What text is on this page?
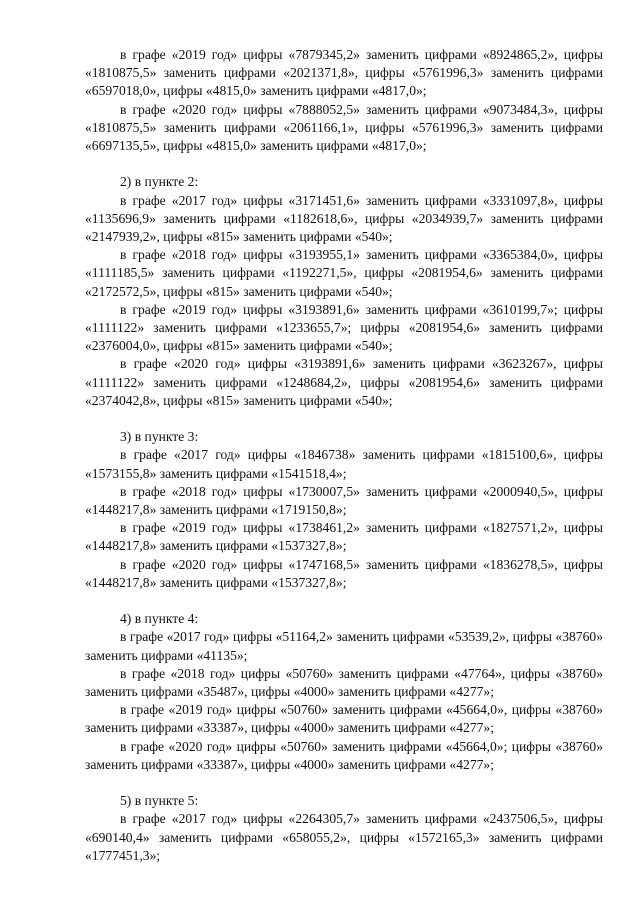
в графе «2019 год» цифры «7879345,2» заменить цифрами «8924865,2», цифры «1810875,5» заменить цифрами «2021371,8», цифры «5761996,3» заменить цифрами «6597018,0», цифры «4815,0» заменить цифрами «4817,0»;

в графе «2020 год» цифры «7888052,5» заменить цифрами «9073484,3», цифры «1810875,5» заменить цифрами «2061166,1», цифры «5761996,3» заменить цифрами «6697135,5», цифры «4815,0» заменить цифрами «4817,0»;

2) в пункте 2:

в графе «2017 год» цифры «3171451,6» заменить цифрами «3331097,8», цифры «1135696,9» заменить цифрами «1182618,6», цифры «2034939,7» заменить цифрами «2147939,2», цифры «815» заменить цифрами «540»;

в графе «2018 год» цифры «3193955,1» заменить цифрами «3365384,0», цифры «1111185,5» заменить цифрами «1192271,5», цифры «2081954,6» заменить цифрами «2172572,5», цифры «815» заменить цифрами «540»;

в графе «2019 год» цифры «3193891,6» заменить цифрами «3610199,7»; цифры «1111122» заменить цифрами «1233655,7»; цифры «2081954,6» заменить цифрами «2376004,0», цифры «815» заменить цифрами «540»;

в графе «2020 год» цифры «3193891,6» заменить цифрами «3623267», цифры «1111122» заменить цифрами «1248684,2», цифры «2081954,6» заменить цифрами «2374042,8», цифры «815» заменить цифрами «540»;

3) в пункте 3:

в графе «2017 год» цифры «1846738» заменить цифрами «1815100,6», цифры «1573155,8» заменить цифрами «1541518,4»;

в графе «2018 год» цифры «1730007,5» заменить цифрами «2000940,5», цифры «1448217,8» заменить цифрами «1719150,8»;

в графе «2019 год» цифры «1738461,2» заменить цифрами «1827571,2», цифры «1448217,8» заменить цифрами «1537327,8»;

в графе «2020 год» цифры «1747168,5» заменить цифрами «1836278,5», цифры «1448217,8» заменить цифрами «1537327,8»;

4) в пункте 4:

в графе «2017 год» цифры «51164,2» заменить цифрами «53539,2», цифры «38760» заменить цифрами «41135»;

в графе «2018 год» цифры «50760» заменить цифрами «47764», цифры «38760» заменить цифрами «35487», цифры «4000» заменить цифрами «4277»;

в графе «2019 год» цифры «50760» заменить цифрами «45664,0», цифры «38760» заменить цифрами «33387», цифры «4000» заменить цифрами «4277»;

в графе «2020 год» цифры «50760» заменить цифрами «45664,0»; цифры «38760» заменить цифрами «33387», цифры «4000» заменить цифрами «4277»;

5) в пункте 5:

в графе «2017 год» цифры «2264305,7» заменить цифрами «2437506,5», цифры «690140,4» заменить цифрами «658055,2», цифры «1572165,3» заменить цифрами «1777451,3»;
